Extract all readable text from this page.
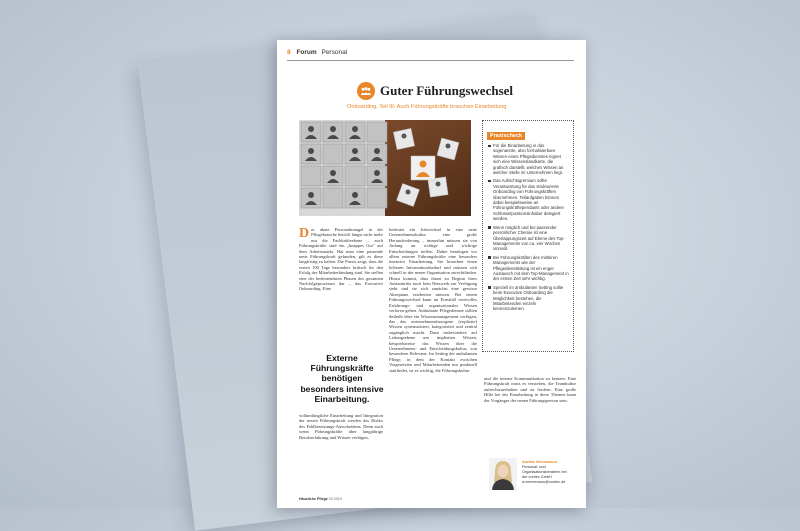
8 Forum Personal
Guter Führungswechsel
Onboarding, Teil III: Auch Führungskräfte brauchen Einarbeitung
Praxischeck
Für die Einarbeitung in das sogenannte, also formalisierbare Wissen eines Pflegedienstes eignet sich eine Wissenslandkarte, die grafisch darstellt, welches Wissen an welcher Stelle im Unternehmen liegt.
Das Aufsichtsgremium sollte Verantwortung für das strukturierte Onboarding von Führungskräften übernehmen. Teilaufgaben können dabei beispielsweise an Führungskräftependants oder andere Schlüsselpositionsinhaber delegiert werden.
Wenn möglich und bei passender persönlicher Chemie ist eine Überlappungszeit auf Ebene des Top-Managements von ca. vier Wochen sinnvoll.
Bei Führungskräften des mittleren Managements wie der Pflegedienstleitung ist ein enger Austausch mit dem Top-Management in der ersten Zeit sehr wichtig.
Speziell im ambulanten Setting sollte beim Executive Onboarding die Möglichkeit bestehen, die Mitarbeitenden einzeln kennenzulernen.
Der akute Personalmangel in der Pflegebranche betrifft längst nicht mehr nur die Fachkräfteebene – auch Führungskräfte sind ein „knappes Gut" auf dem Arbeitsmarkt. Hat man eine passende neue Führungskraft gefunden, gilt es diese langfristig zu halten. Die Praxis zeigt, dass die ersten 100 Tage besonders kritisch für den Erfolg der Mitarbeiterbindung sind. Sie stellen eine der bedeutendsten Phasen des gesamten Nachfolgeprozesses dar – das Executive Onboarding. Eine
Externe Führungskräfte benötigen besonders intensive Einarbeitung.
vollumfängliche Einarbeitung und Integration der neuen Führungskraft werden das Risiko des Fehlbesetzungs-Ausscheidens. Denn auch wenn Führungskräfte über langjährige Berufserfahrung und Wissen verfügen,
bedeutet ein Jobwechsel in eine neue Unternehmenskultur eine große Herausforderung – immerhin müssen sie von Anfang an richtige und wichtige Entscheidungen treffen. Daher benötigen vor allem externe Führungskräfte eine besonders intensive Einarbeitung. Sie brauchen einen höheren Informationsbedarf und müssen sich schnell in der neuen Organisation zurechtfinden. Hinzu kommt, dass ihnen zu Beginn ihres Anstanttritts noch kein Netzwerk zur Verfügung steht und sie sich zunächst eine gewisse Akzeptanz erarbeiten müssen. Bei einem Führungswechsel kann im Ernstfall wertvolles Erfahrungs- und organisationales Wissen verloren gehen. Ambulante Pflegedienste sollten deshalb über ein Wissensmanagement verfügen, das das unternehmensbezogene (explizite) Wissen systematisiert, kategorisiert und zentral zugänglich macht. Dazu insbesondere auf Leitungsebene um impliziten Wissen, beispielsweise das Wissen über die Unternehmens- und Entscheidungskultur, von besonderer Relevanz. Im Setting der ambulanten Pflege, in dem der Kontakt zwischen Vorgesetzten und Mitarbeitenden nur punktuell stattfindet, ist es wichtig, die Führungskultur
und die interne Kommunikation zu kennen. Eine Führungskraft muss es verstehen, die Teamkultur aufrechtzuerhalten und zu fördern. Eine große Hilfe bei der Einarbeitung in diese Themen kann der Vorgänger der neuen Führungsperson sein.
Annika Vennemann
Personal- und Organisationsberaterin bei der contec GmbH
a.vennemann@contec.de
Häusliche Pflege 03.2019
